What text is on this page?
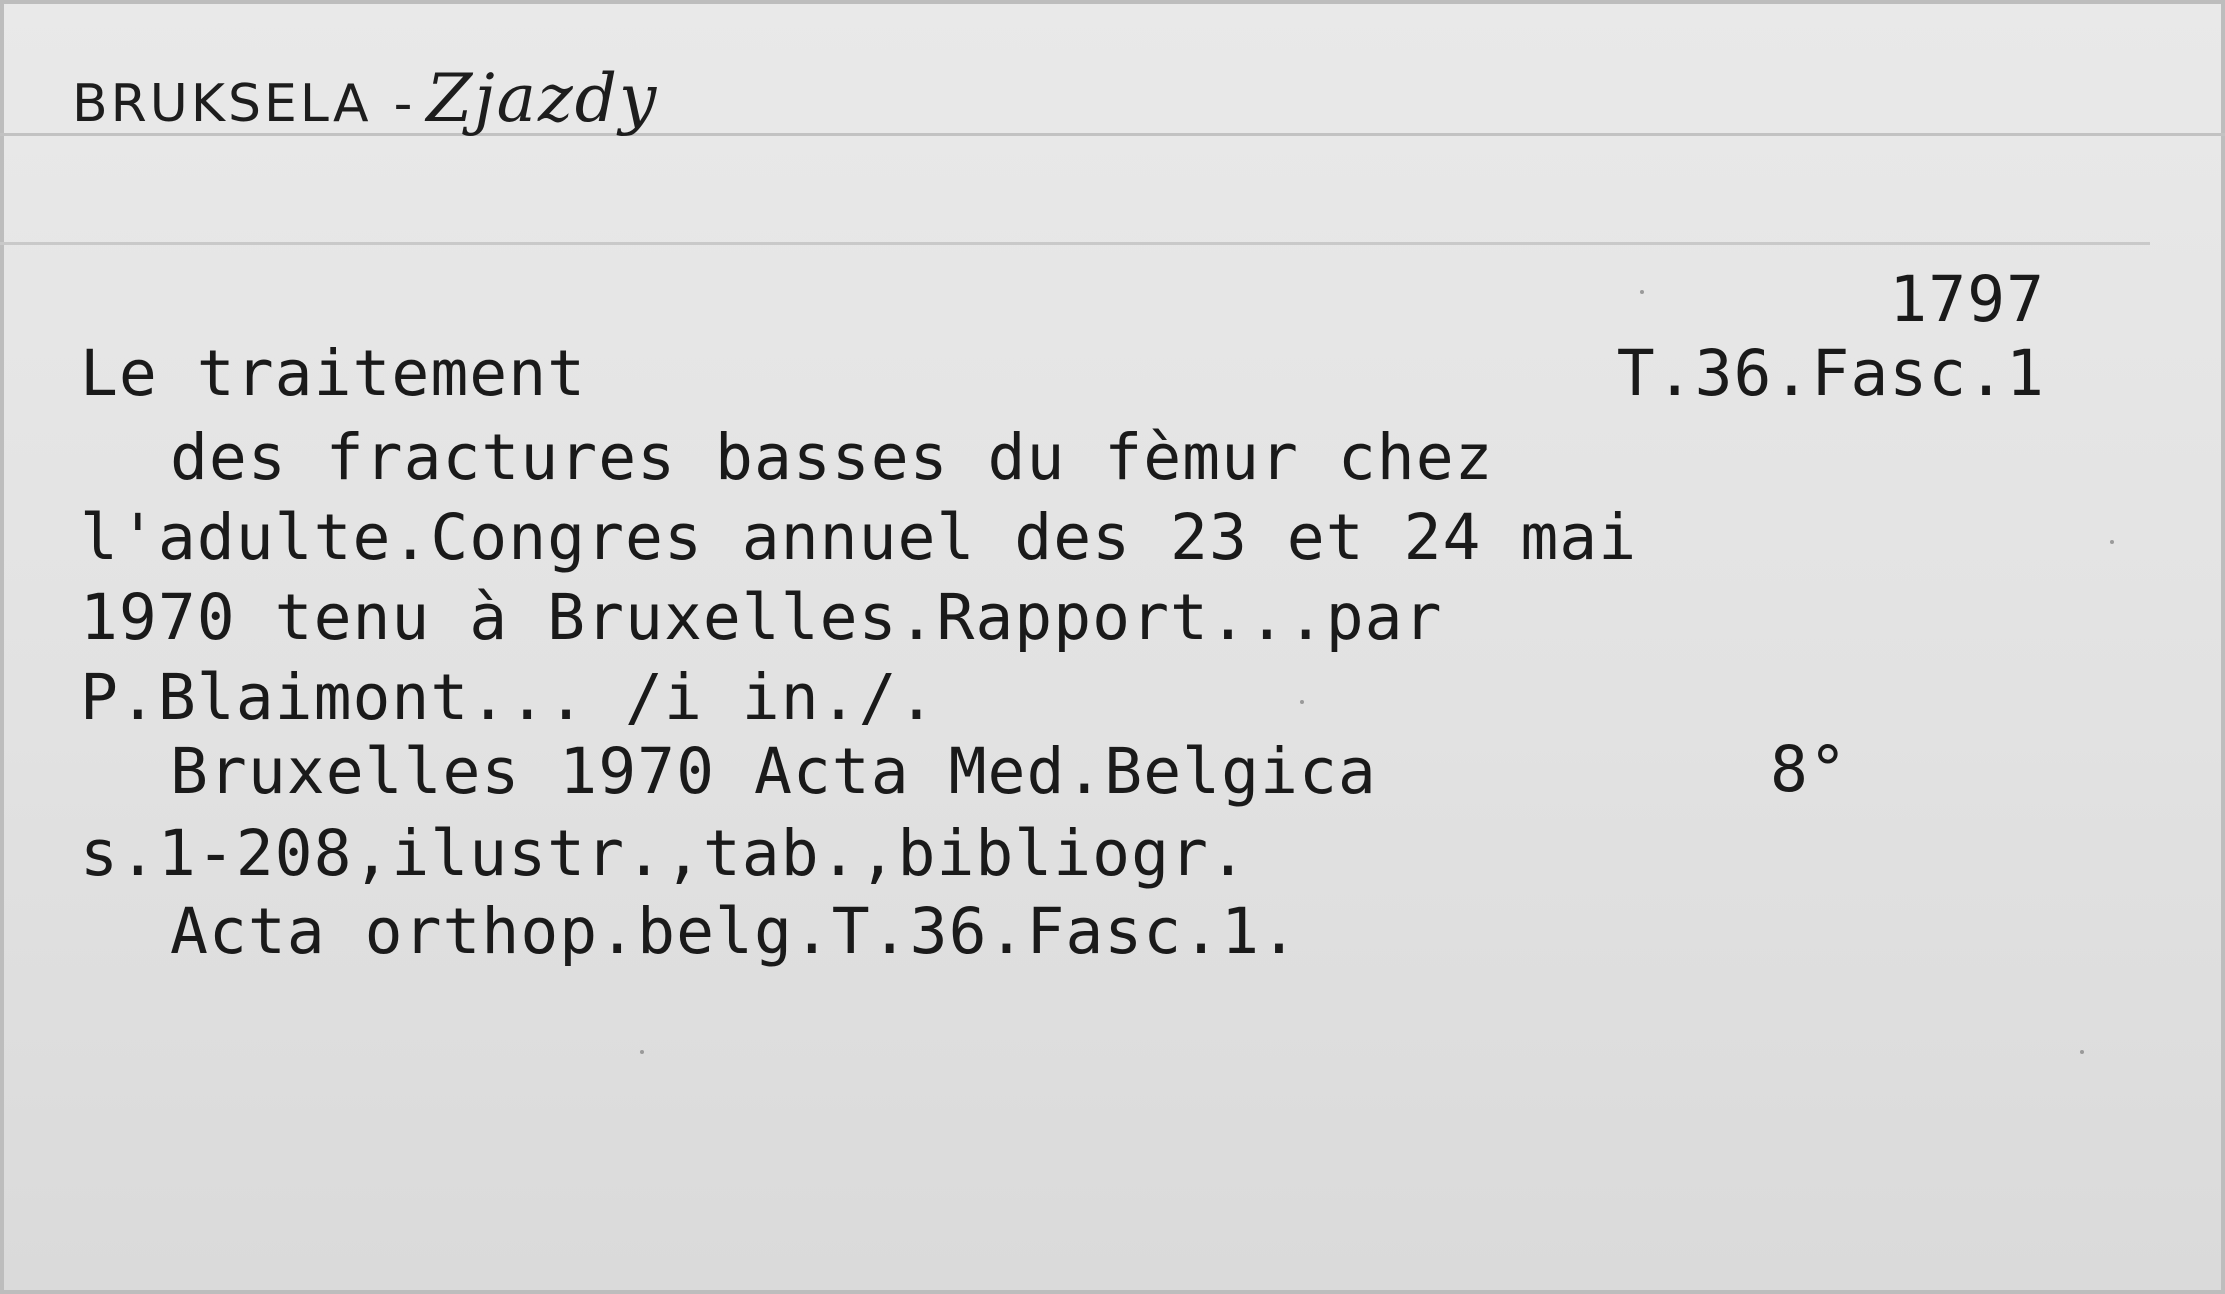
BRUKSELA - Zjazdy
1797
T.36.Fasc.1
Le traitement
des fractures basses du fèmur chez
l'adulte.Congres annuel des 23 et 24 mai
1970 tenu à Bruxelles.Rapport...par
P.Blaimont... /i in./.
Bruxelles 1970 Acta Med.Belgica	8°
s.1-208,ilustr.,tab.,bibliogr.
Acta orthop.belg.T.36.Fasc.1.
